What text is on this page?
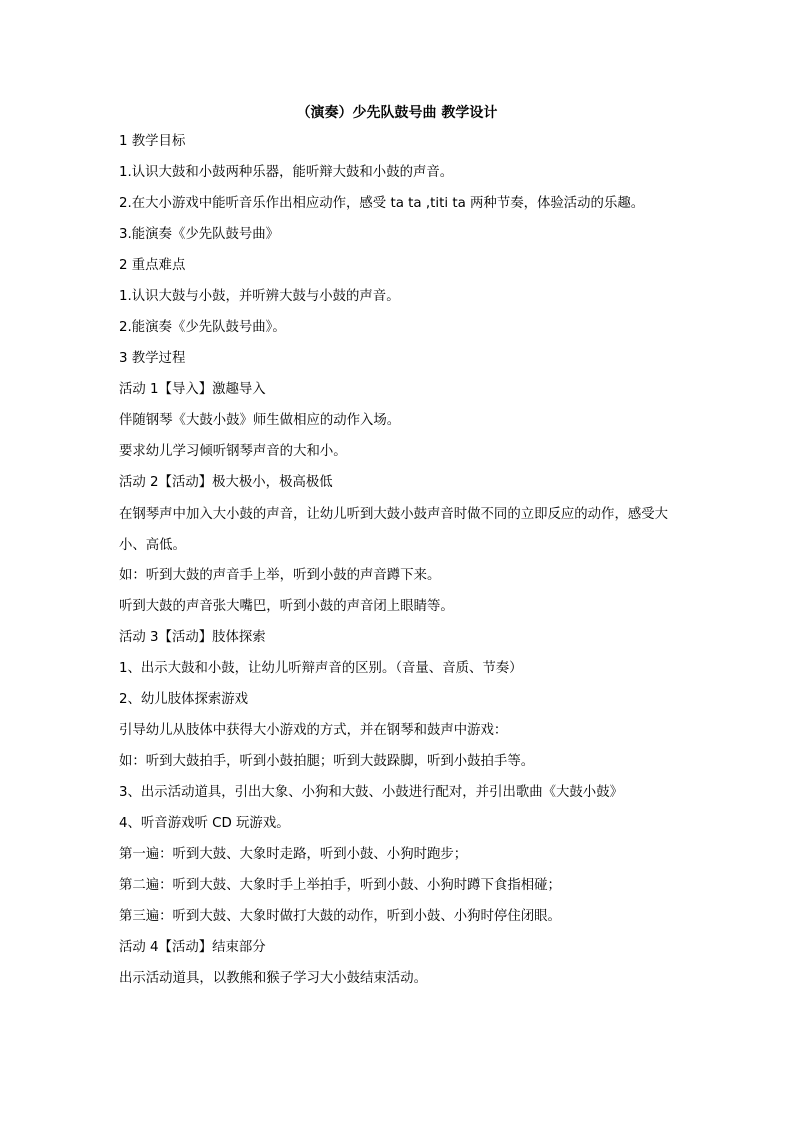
（演奏）少先队鼓号曲 教学设计

1 教学目标

1.认识大鼓和小鼓两种乐器，能听辩大鼓和小鼓的声音。

2.在大小游戏中能听音乐作出相应动作，感受 ta ta ,titi ta 两种节奏，体验活动的乐趣。

3.能演奏《少先队鼓号曲》

2 重点难点

1.认识大鼓与小鼓，并听辨大鼓与小鼓的声音。

2.能演奏《少先队鼓号曲》。

3 教学过程

活动 1【导入】激趣导入

伴随钢琴《大鼓小鼓》师生做相应的动作入场。

要求幼儿学习倾听钢琴声音的大和小。

活动 2【活动】极大极小，极高极低

在钢琴声中加入大小鼓的声音，让幼儿听到大鼓小鼓声音时做不同的立即反应的动作，感受大小、高低。

如：听到大鼓的声音手上举，听到小鼓的声音蹲下来。

听到大鼓的声音张大嘴巴，听到小鼓的声音闭上眼睛等。

活动 3【活动】肢体探索

1、出示大鼓和小鼓，让幼儿听辩声音的区别。（音量、音质、节奏）

2、幼儿肢体探索游戏

引导幼儿从肢体中获得大小游戏的方式，并在钢琴和鼓声中游戏：

如：听到大鼓拍手，听到小鼓拍腿；听到大鼓跺脚，听到小鼓拍手等。

3、出示活动道具，引出大象、小狗和大鼓、小鼓进行配对，并引出歌曲《大鼓小鼓》

4、听音游戏听 CD 玩游戏。

第一遍：听到大鼓、大象时走路，听到小鼓、小狗时跑步；

第二遍：听到大鼓、大象时手上举拍手，听到小鼓、小狗时蹲下食指相碰；

第三遍：听到大鼓、大象时做打大鼓的动作，听到小鼓、小狗时停住闭眼。

活动 4【活动】结束部分

出示活动道具，以教熊和猴子学习大小鼓结束活动。
